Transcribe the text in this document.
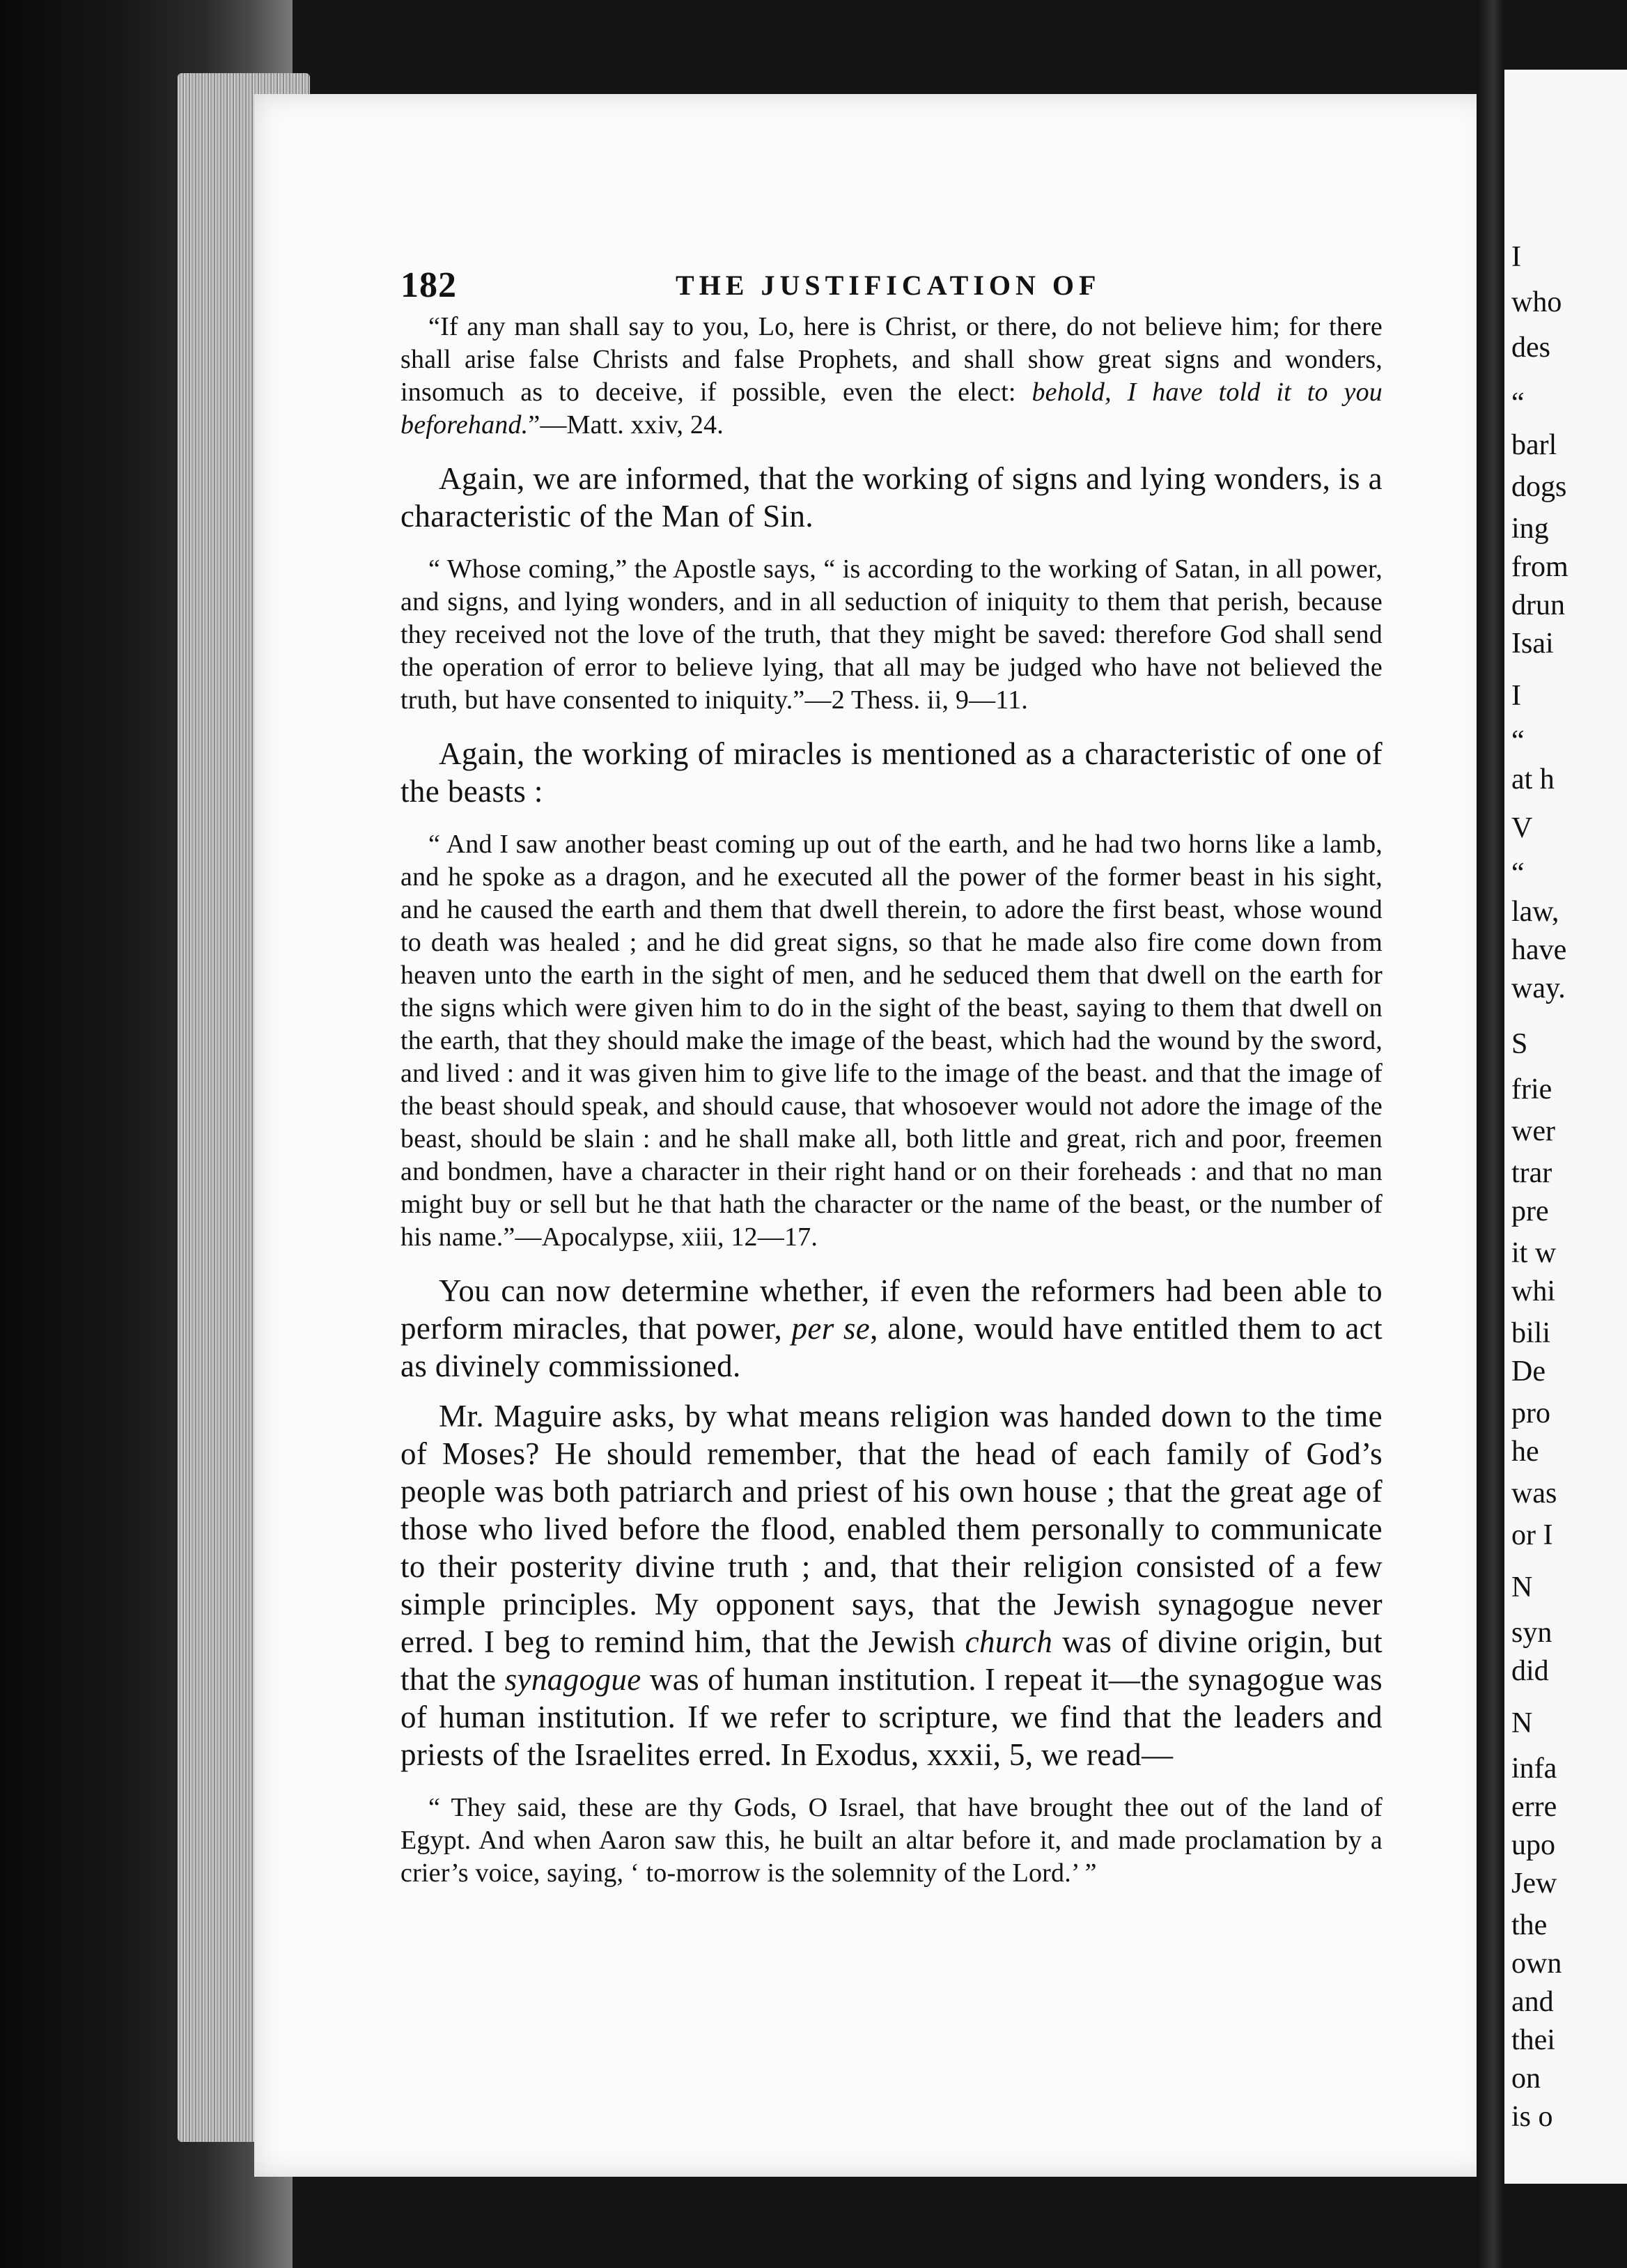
I
who
des
“
barl
dogs
ing
from
drun
Isai
I
“
at h
V
“
law,
have
way.
S
frie
wer
trar
pre
it w
whi
bili
De
pro
he
was
or I
N
syn
did
N
infa
erre
upo
Jew
the
own
and
thei
on
is o
182	THE JUSTIFICATION OF

“If any man shall say to you, Lo, here is Christ, or there, do not believe him; for there shall arise false Christs and false Prophets, and shall show great signs and wonders, insomuch as to deceive, if possible, even the elect: behold, I have told it to you beforehand.”—Matt. xxiv, 24.

Again, we are informed, that the working of signs and lying wonders, is a characteristic of the Man of Sin.

“ Whose coming,” the Apostle says, “ is according to the working of Satan, in all power, and signs, and lying wonders, and in all seduction of iniquity to them that perish, because they received not the love of the truth, that they might be saved: therefore God shall send the operation of error to believe lying, that all may be judged who have not believed the truth, but have consented to iniquity.”—2 Thess. ii, 9—11.

Again, the working of miracles is mentioned as a characteristic of one of the beasts :

“ And I saw another beast coming up out of the earth, and he had two horns like a lamb, and he spoke as a dragon, and he executed all the power of the former beast in his sight, and he caused the earth and them that dwell therein, to adore the first beast, whose wound to death was healed ; and he did great signs, so that he made also fire come down from heaven unto the earth in the sight of men, and he seduced them that dwell on the earth for the signs which were given him to do in the sight of the beast, saying to them that dwell on the earth, that they should make the image of the beast, which had the wound by the sword, and lived : and it was given him to give life to the image of the beast. and that the image of the beast should speak, and should cause, that whosoever would not adore the image of the beast, should be slain : and he shall make all, both little and great, rich and poor, freemen and bondmen, have a character in their right hand or on their foreheads : and that no man might buy or sell but he that hath the character or the name of the beast, or the number of his name.”—Apocalypse, xiii, 12—17.

You can now determine whether, if even the reformers had been able to perform miracles, that power, per se, alone, would have entitled them to act as divinely commissioned.

Mr. Maguire asks, by what means religion was handed down to the time of Moses? He should remember, that the head of each family of God’s people was both patriarch and priest of his own house ; that the great age of those who lived before the flood, enabled them personally to communicate to their posterity divine truth ; and, that their religion consisted of a few simple principles. My opponent says, that the Jewish synagogue never erred. I beg to remind him, that the Jewish church was of divine origin, but that the synagogue was of human institution. I repeat it—the synagogue was of human institution. If we refer to scripture, we find that the leaders and priests of the Israelites erred. In Exodus, xxxii, 5, we read—

“ They said, these are thy Gods, O Israel, that have brought thee out of the land of Egypt. And when Aaron saw this, he built an altar before it, and made proclamation by a crier’s voice, saying, ‘ to-morrow is the solemnity of the Lord.’ ”
